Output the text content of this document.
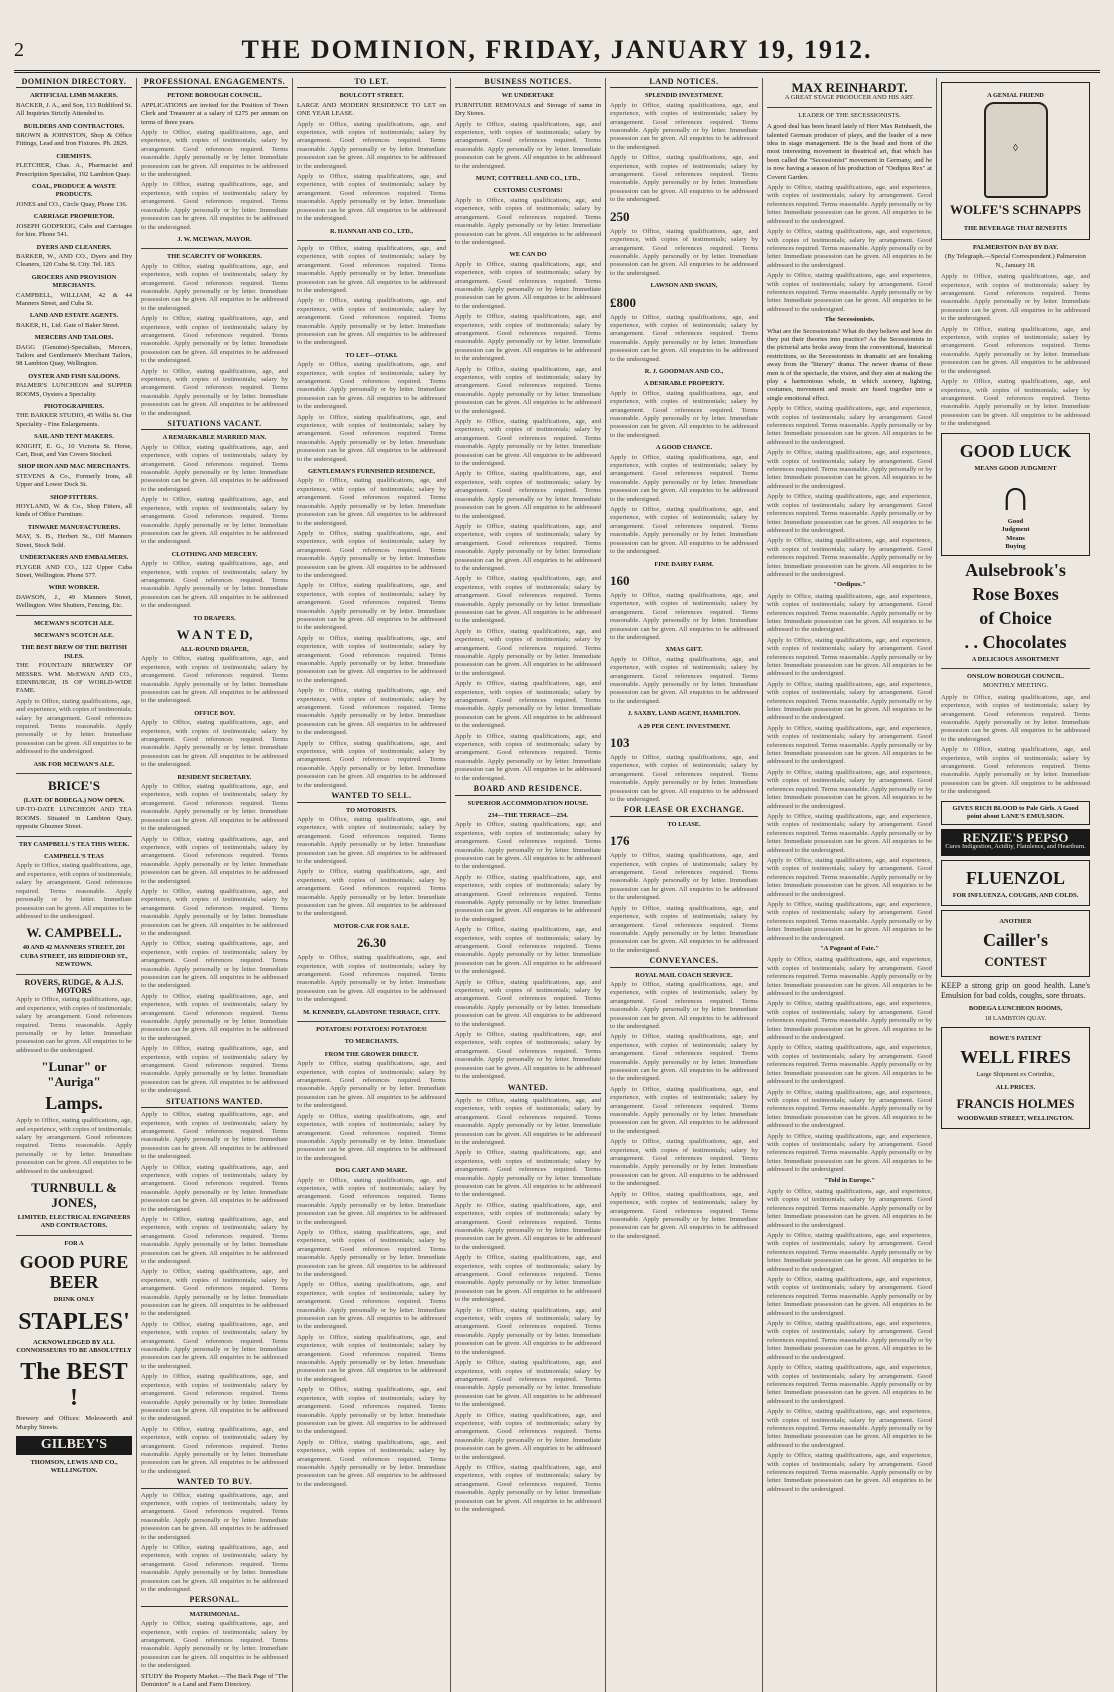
2	THE DOMINION, FRIDAY, JANUARY 19, 1912.
DOMINION DIRECTORY.
ARTIFICIAL LIMB MAKERS.
BACKER, J. A., and Son, 113 Riddiford St. All Inquiries Strictly Attended to.
BUILDERS AND CONTRACTORS.
BROWN & JOHNSTON, Shop & Office Fittings, Lead and Iron Fixtures. Ph. 2829.
CHEMISTS.
FLETCHER, Chas. A., Pharmacist and Prescription Specialist, 192 Lambton Quay.
COAL, PRODUCE & WASTE PRODUCTS.
JONES and CO., Circle Quay, Phone 136.
CARRIAGE PROPRIETOR.
JOSEPH GODFREIG, Cabs and Carriages for hire. Phone 541.
DYERS AND CLEANERS.
BARKER, W., AND CO., Dyers and Dry Cleaners, 120 Cuba St. City. Tel. 183.
GROCERS AND PROVISION MERCHANTS.
CAMPBELL, WILLIAM, 42 & 44 Manners Street, and Cuba St.
LAND AND ESTATE AGENTS.
BAKER, H., Ltd. Gate of Baker Street.
MERCERS AND TAILORS.
DAGG (Genuine)-Specialists, Mercers, Tailors and Gentlemen's Merchant Tailors, 98 Lambton Quay, Wellington.
OYSTER AND FISH SALOONS.
PALMER'S LUNCHEON and SUPPER ROOMS, Oysters a Speciality.
PHOTOGRAPHERS.
THE BARKER STUDIO, 45 Willis St. Our Speciality - Fine Enlargements.
SAIL AND TENT MAKERS.
KNIGHT, E. G., 10 Victoria St. Horse, Cart, Boat, and Van Covers Stocked.
SHOP IRON AND MAC MERCHANTS.
STEVENS & Co., Formerly Irons, all Upper and Lower Dock St.
SHOP FITTERS.
HOYLAND, W. & Co., Shop Fitters, all kinds of Office Furniture.
TINWARE MANUFACTURERS.
MAY, S. B., Herbert St., Off Manners Street, Stock Sold.
UNDERTAKERS AND EMBALMERS.
FLYGER AND CO., 122 Upper Cuba Street, Wellington. Phone 577.
WIRE WORKER.
DAWSON, J., 49 Manners Street, Wellington. Wire Shutters, Fencing, Etc.
MCEWAN'S SCOTCH ALE.
MCEWAN'S SCOTCH ALE.
THE BEST BREW OF THE BRITISH ISLES.
THE FOUNTAIN BREWERY OF MESSRS. WM. McEWAN AND CO., EDINBURGH, IS OF WORLD-WIDE FAME.
Apply to Office, stating qualifications, age, and experience, with copies of testimonials; salary by arrangement. Good references required. Terms reasonable. Apply personally or by letter. Immediate possession can be given. All enquiries to be addressed to the undersigned.
ASK FOR MCEWAN'S ALE.
BRICE'S
(LATE OF BODEGA.) NOW OPEN.
UP-TO-DATE LUNCHEON AND TEA ROOMS. Situated in Lambton Quay, opposite Ghuznee Street.
TRY CAMPBELL'S TEA THIS WEEK.
CAMPBELL'S TEAS
Apply to Office, stating qualifications, age, and experience, with copies of testimonials; salary by arrangement. Good references required. Terms reasonable. Apply personally or by letter. Immediate possession can be given. All enquiries to be addressed to the undersigned.
W. CAMPBELL.
40 AND 42 MANNERS STREET, 201 CUBA STREET, 183 RIDDIFORD ST., NEWTOWN.
ROVERS, RUDGE, & A.J.S. MOTORS
Apply to Office, stating qualifications, age, and experience, with copies of testimonials; salary by arrangement. Good references required. Terms reasonable. Apply personally or by letter. Immediate possession can be given. All enquiries to be addressed to the undersigned.
"Lunar" or "Auriga"
Lamps.
Apply to Office, stating qualifications, age, and experience, with copies of testimonials; salary by arrangement. Good references required. Terms reasonable. Apply personally or by letter. Immediate possession can be given. All enquiries to be addressed to the undersigned.
TURNBULL & JONES,
LIMITED, ELECTRICAL ENGINEERS AND CONTRACTORS.
FOR A
GOOD PURE BEER
DRINK ONLY
STAPLES'
ACKNOWLEDGED BY ALL CONNOISSEURS TO BE ABSOLUTELY
The BEST !
Brewery and Offices: Molesworth and Murphy Streets.
GILBEY'S
THOMSON, LEWIS AND CO., WELLINGTON.
PROFESSIONAL ENGAGEMENTS.
PETONE BOROUGH COUNCIL.
APPLICATIONS are invited for the Position of Town Clerk and Treasurer at a salary of £275 per annum on terms of three years.
Apply to Office, stating qualifications, age, and experience, with copies of testimonials; salary by arrangement. Good references required. Terms reasonable. Apply personally or by letter. Immediate possession can be given. All enquiries to be addressed to the undersigned.
Apply to Office, stating qualifications, age, and experience, with copies of testimonials; salary by arrangement. Good references required. Terms reasonable. Apply personally or by letter. Immediate possession can be given. All enquiries to be addressed to the undersigned.
J. W. MCEWAN, MAYOR.
THE SCARCITY OF WORKERS.
Apply to Office, stating qualifications, age, and experience, with copies of testimonials; salary by arrangement. Good references required. Terms reasonable. Apply personally or by letter. Immediate possession can be given. All enquiries to be addressed to the undersigned.
Apply to Office, stating qualifications, age, and experience, with copies of testimonials; salary by arrangement. Good references required. Terms reasonable. Apply personally or by letter. Immediate possession can be given. All enquiries to be addressed to the undersigned.
Apply to Office, stating qualifications, age, and experience, with copies of testimonials; salary by arrangement. Good references required. Terms reasonable. Apply personally or by letter. Immediate possession can be given. All enquiries to be addressed to the undersigned.
SITUATIONS VACANT.
A REMARKABLE MARRIED MAN.
Apply to Office, stating qualifications, age, and experience, with copies of testimonials; salary by arrangement. Good references required. Terms reasonable. Apply personally or by letter. Immediate possession can be given. All enquiries to be addressed to the undersigned.
Apply to Office, stating qualifications, age, and experience, with copies of testimonials; salary by arrangement. Good references required. Terms reasonable. Apply personally or by letter. Immediate possession can be given. All enquiries to be addressed to the undersigned.
CLOTHING AND MERCERY.
Apply to Office, stating qualifications, age, and experience, with copies of testimonials; salary by arrangement. Good references required. Terms reasonable. Apply personally or by letter. Immediate possession can be given. All enquiries to be addressed to the undersigned.
TO DRAPERS.
W A N T E D,
ALL-ROUND DRAPER,
Apply to Office, stating qualifications, age, and experience, with copies of testimonials; salary by arrangement. Good references required. Terms reasonable. Apply personally or by letter. Immediate possession can be given. All enquiries to be addressed to the undersigned.
OFFICE BOY.
Apply to Office, stating qualifications, age, and experience, with copies of testimonials; salary by arrangement. Good references required. Terms reasonable. Apply personally or by letter. Immediate possession can be given. All enquiries to be addressed to the undersigned.
RESIDENT SECRETARY.
Apply to Office, stating qualifications, age, and experience, with copies of testimonials; salary by arrangement. Good references required. Terms reasonable. Apply personally or by letter. Immediate possession can be given. All enquiries to be addressed to the undersigned.
Apply to Office, stating qualifications, age, and experience, with copies of testimonials; salary by arrangement. Good references required. Terms reasonable. Apply personally or by letter. Immediate possession can be given. All enquiries to be addressed to the undersigned.
Apply to Office, stating qualifications, age, and experience, with copies of testimonials; salary by arrangement. Good references required. Terms reasonable. Apply personally or by letter. Immediate possession can be given. All enquiries to be addressed to the undersigned.
Apply to Office, stating qualifications, age, and experience, with copies of testimonials; salary by arrangement. Good references required. Terms reasonable. Apply personally or by letter. Immediate possession can be given. All enquiries to be addressed to the undersigned.
Apply to Office, stating qualifications, age, and experience, with copies of testimonials; salary by arrangement. Good references required. Terms reasonable. Apply personally or by letter. Immediate possession can be given. All enquiries to be addressed to the undersigned.
Apply to Office, stating qualifications, age, and experience, with copies of testimonials; salary by arrangement. Good references required. Terms reasonable. Apply personally or by letter. Immediate possession can be given. All enquiries to be addressed to the undersigned.
SITUATIONS WANTED.
Apply to Office, stating qualifications, age, and experience, with copies of testimonials; salary by arrangement. Good references required. Terms reasonable. Apply personally or by letter. Immediate possession can be given. All enquiries to be addressed to the undersigned.
Apply to Office, stating qualifications, age, and experience, with copies of testimonials; salary by arrangement. Good references required. Terms reasonable. Apply personally or by letter. Immediate possession can be given. All enquiries to be addressed to the undersigned.
Apply to Office, stating qualifications, age, and experience, with copies of testimonials; salary by arrangement. Good references required. Terms reasonable. Apply personally or by letter. Immediate possession can be given. All enquiries to be addressed to the undersigned.
Apply to Office, stating qualifications, age, and experience, with copies of testimonials; salary by arrangement. Good references required. Terms reasonable. Apply personally or by letter. Immediate possession can be given. All enquiries to be addressed to the undersigned.
Apply to Office, stating qualifications, age, and experience, with copies of testimonials; salary by arrangement. Good references required. Terms reasonable. Apply personally or by letter. Immediate possession can be given. All enquiries to be addressed to the undersigned.
Apply to Office, stating qualifications, age, and experience, with copies of testimonials; salary by arrangement. Good references required. Terms reasonable. Apply personally or by letter. Immediate possession can be given. All enquiries to be addressed to the undersigned.
Apply to Office, stating qualifications, age, and experience, with copies of testimonials; salary by arrangement. Good references required. Terms reasonable. Apply personally or by letter. Immediate possession can be given. All enquiries to be addressed to the undersigned.
WANTED TO BUY.
Apply to Office, stating qualifications, age, and experience, with copies of testimonials; salary by arrangement. Good references required. Terms reasonable. Apply personally or by letter. Immediate possession can be given. All enquiries to be addressed to the undersigned.
Apply to Office, stating qualifications, age, and experience, with copies of testimonials; salary by arrangement. Good references required. Terms reasonable. Apply personally or by letter. Immediate possession can be given. All enquiries to be addressed to the undersigned.
PERSONAL.
MATRIMONIAL.
Apply to Office, stating qualifications, age, and experience, with copies of testimonials; salary by arrangement. Good references required. Terms reasonable. Apply personally or by letter. Immediate possession can be given. All enquiries to be addressed to the undersigned.
STUDY the Property Market.—The Back Page of "The Dominion" is a Land and Farm Directory.
TO LET.
BOULCOTT STREET.
LARGE AND MODERN RESIDENCE TO LET on ONE YEAR LEASE.
Apply to Office, stating qualifications, age, and experience, with copies of testimonials; salary by arrangement. Good references required. Terms reasonable. Apply personally or by letter. Immediate possession can be given. All enquiries to be addressed to the undersigned.
Apply to Office, stating qualifications, age, and experience, with copies of testimonials; salary by arrangement. Good references required. Terms reasonable. Apply personally or by letter. Immediate possession can be given. All enquiries to be addressed to the undersigned.
R. HANNAH AND CO., LTD.,
Apply to Office, stating qualifications, age, and experience, with copies of testimonials; salary by arrangement. Good references required. Terms reasonable. Apply personally or by letter. Immediate possession can be given. All enquiries to be addressed to the undersigned.
Apply to Office, stating qualifications, age, and experience, with copies of testimonials; salary by arrangement. Good references required. Terms reasonable. Apply personally or by letter. Immediate possession can be given. All enquiries to be addressed to the undersigned.
TO LET—OTAKI.
Apply to Office, stating qualifications, age, and experience, with copies of testimonials; salary by arrangement. Good references required. Terms reasonable. Apply personally or by letter. Immediate possession can be given. All enquiries to be addressed to the undersigned.
Apply to Office, stating qualifications, age, and experience, with copies of testimonials; salary by arrangement. Good references required. Terms reasonable. Apply personally or by letter. Immediate possession can be given. All enquiries to be addressed to the undersigned.
GENTLEMAN'S FURNISHED RESIDENCE,
Apply to Office, stating qualifications, age, and experience, with copies of testimonials; salary by arrangement. Good references required. Terms reasonable. Apply personally or by letter. Immediate possession can be given. All enquiries to be addressed to the undersigned.
Apply to Office, stating qualifications, age, and experience, with copies of testimonials; salary by arrangement. Good references required. Terms reasonable. Apply personally or by letter. Immediate possession can be given. All enquiries to be addressed to the undersigned.
Apply to Office, stating qualifications, age, and experience, with copies of testimonials; salary by arrangement. Good references required. Terms reasonable. Apply personally or by letter. Immediate possession can be given. All enquiries to be addressed to the undersigned.
Apply to Office, stating qualifications, age, and experience, with copies of testimonials; salary by arrangement. Good references required. Terms reasonable. Apply personally or by letter. Immediate possession can be given. All enquiries to be addressed to the undersigned.
Apply to Office, stating qualifications, age, and experience, with copies of testimonials; salary by arrangement. Good references required. Terms reasonable. Apply personally or by letter. Immediate possession can be given. All enquiries to be addressed to the undersigned.
Apply to Office, stating qualifications, age, and experience, with copies of testimonials; salary by arrangement. Good references required. Terms reasonable. Apply personally or by letter. Immediate possession can be given. All enquiries to be addressed to the undersigned.
WANTED TO SELL.
TO MOTORISTS.
Apply to Office, stating qualifications, age, and experience, with copies of testimonials; salary by arrangement. Good references required. Terms reasonable. Apply personally or by letter. Immediate possession can be given. All enquiries to be addressed to the undersigned.
Apply to Office, stating qualifications, age, and experience, with copies of testimonials; salary by arrangement. Good references required. Terms reasonable. Apply personally or by letter. Immediate possession can be given. All enquiries to be addressed to the undersigned.
MOTOR-CAR FOR SALE.
26.30
Apply to Office, stating qualifications, age, and experience, with copies of testimonials; salary by arrangement. Good references required. Terms reasonable. Apply personally or by letter. Immediate possession can be given. All enquiries to be addressed to the undersigned.
M. KENNEDY, GLADSTONE TERRACE, CITY.
POTATOES! POTATOES! POTATOES!
TO MERCHANTS.
FROM THE GROWER DIRECT.
Apply to Office, stating qualifications, age, and experience, with copies of testimonials; salary by arrangement. Good references required. Terms reasonable. Apply personally or by letter. Immediate possession can be given. All enquiries to be addressed to the undersigned.
Apply to Office, stating qualifications, age, and experience, with copies of testimonials; salary by arrangement. Good references required. Terms reasonable. Apply personally or by letter. Immediate possession can be given. All enquiries to be addressed to the undersigned.
DOG CART AND MARE.
Apply to Office, stating qualifications, age, and experience, with copies of testimonials; salary by arrangement. Good references required. Terms reasonable. Apply personally or by letter. Immediate possession can be given. All enquiries to be addressed to the undersigned.
Apply to Office, stating qualifications, age, and experience, with copies of testimonials; salary by arrangement. Good references required. Terms reasonable. Apply personally or by letter. Immediate possession can be given. All enquiries to be addressed to the undersigned.
Apply to Office, stating qualifications, age, and experience, with copies of testimonials; salary by arrangement. Good references required. Terms reasonable. Apply personally or by letter. Immediate possession can be given. All enquiries to be addressed to the undersigned.
Apply to Office, stating qualifications, age, and experience, with copies of testimonials; salary by arrangement. Good references required. Terms reasonable. Apply personally or by letter. Immediate possession can be given. All enquiries to be addressed to the undersigned.
Apply to Office, stating qualifications, age, and experience, with copies of testimonials; salary by arrangement. Good references required. Terms reasonable. Apply personally or by letter. Immediate possession can be given. All enquiries to be addressed to the undersigned.
Apply to Office, stating qualifications, age, and experience, with copies of testimonials; salary by arrangement. Good references required. Terms reasonable. Apply personally or by letter. Immediate possession can be given. All enquiries to be addressed to the undersigned.
BUSINESS NOTICES.
WE UNDERTAKE
FURNITURE REMOVALS and Storage of same in Dry Stores.
Apply to Office, stating qualifications, age, and experience, with copies of testimonials; salary by arrangement. Good references required. Terms reasonable. Apply personally or by letter. Immediate possession can be given. All enquiries to be addressed to the undersigned.
MUNT, COTTRELL AND CO., LTD.,
CUSTOMS! CUSTOMS!
Apply to Office, stating qualifications, age, and experience, with copies of testimonials; salary by arrangement. Good references required. Terms reasonable. Apply personally or by letter. Immediate possession can be given. All enquiries to be addressed to the undersigned.
WE CAN DO
Apply to Office, stating qualifications, age, and experience, with copies of testimonials; salary by arrangement. Good references required. Terms reasonable. Apply personally or by letter. Immediate possession can be given. All enquiries to be addressed to the undersigned.
Apply to Office, stating qualifications, age, and experience, with copies of testimonials; salary by arrangement. Good references required. Terms reasonable. Apply personally or by letter. Immediate possession can be given. All enquiries to be addressed to the undersigned.
Apply to Office, stating qualifications, age, and experience, with copies of testimonials; salary by arrangement. Good references required. Terms reasonable. Apply personally or by letter. Immediate possession can be given. All enquiries to be addressed to the undersigned.
Apply to Office, stating qualifications, age, and experience, with copies of testimonials; salary by arrangement. Good references required. Terms reasonable. Apply personally or by letter. Immediate possession can be given. All enquiries to be addressed to the undersigned.
Apply to Office, stating qualifications, age, and experience, with copies of testimonials; salary by arrangement. Good references required. Terms reasonable. Apply personally or by letter. Immediate possession can be given. All enquiries to be addressed to the undersigned.
Apply to Office, stating qualifications, age, and experience, with copies of testimonials; salary by arrangement. Good references required. Terms reasonable. Apply personally or by letter. Immediate possession can be given. All enquiries to be addressed to the undersigned.
Apply to Office, stating qualifications, age, and experience, with copies of testimonials; salary by arrangement. Good references required. Terms reasonable. Apply personally or by letter. Immediate possession can be given. All enquiries to be addressed to the undersigned.
Apply to Office, stating qualifications, age, and experience, with copies of testimonials; salary by arrangement. Good references required. Terms reasonable. Apply personally or by letter. Immediate possession can be given. All enquiries to be addressed to the undersigned.
Apply to Office, stating qualifications, age, and experience, with copies of testimonials; salary by arrangement. Good references required. Terms reasonable. Apply personally or by letter. Immediate possession can be given. All enquiries to be addressed to the undersigned.
Apply to Office, stating qualifications, age, and experience, with copies of testimonials; salary by arrangement. Good references required. Terms reasonable. Apply personally or by letter. Immediate possession can be given. All enquiries to be addressed to the undersigned.
BOARD AND RESIDENCE.
SUPERIOR ACCOMMODATION HOUSE.
234—THE TERRACE—234.
Apply to Office, stating qualifications, age, and experience, with copies of testimonials; salary by arrangement. Good references required. Terms reasonable. Apply personally or by letter. Immediate possession can be given. All enquiries to be addressed to the undersigned.
Apply to Office, stating qualifications, age, and experience, with copies of testimonials; salary by arrangement. Good references required. Terms reasonable. Apply personally or by letter. Immediate possession can be given. All enquiries to be addressed to the undersigned.
Apply to Office, stating qualifications, age, and experience, with copies of testimonials; salary by arrangement. Good references required. Terms reasonable. Apply personally or by letter. Immediate possession can be given. All enquiries to be addressed to the undersigned.
Apply to Office, stating qualifications, age, and experience, with copies of testimonials; salary by arrangement. Good references required. Terms reasonable. Apply personally or by letter. Immediate possession can be given. All enquiries to be addressed to the undersigned.
Apply to Office, stating qualifications, age, and experience, with copies of testimonials; salary by arrangement. Good references required. Terms reasonable. Apply personally or by letter. Immediate possession can be given. All enquiries to be addressed to the undersigned.
WANTED.
Apply to Office, stating qualifications, age, and experience, with copies of testimonials; salary by arrangement. Good references required. Terms reasonable. Apply personally or by letter. Immediate possession can be given. All enquiries to be addressed to the undersigned.
Apply to Office, stating qualifications, age, and experience, with copies of testimonials; salary by arrangement. Good references required. Terms reasonable. Apply personally or by letter. Immediate possession can be given. All enquiries to be addressed to the undersigned.
Apply to Office, stating qualifications, age, and experience, with copies of testimonials; salary by arrangement. Good references required. Terms reasonable. Apply personally or by letter. Immediate possession can be given. All enquiries to be addressed to the undersigned.
Apply to Office, stating qualifications, age, and experience, with copies of testimonials; salary by arrangement. Good references required. Terms reasonable. Apply personally or by letter. Immediate possession can be given. All enquiries to be addressed to the undersigned.
Apply to Office, stating qualifications, age, and experience, with copies of testimonials; salary by arrangement. Good references required. Terms reasonable. Apply personally or by letter. Immediate possession can be given. All enquiries to be addressed to the undersigned.
Apply to Office, stating qualifications, age, and experience, with copies of testimonials; salary by arrangement. Good references required. Terms reasonable. Apply personally or by letter. Immediate possession can be given. All enquiries to be addressed to the undersigned.
Apply to Office, stating qualifications, age, and experience, with copies of testimonials; salary by arrangement. Good references required. Terms reasonable. Apply personally or by letter. Immediate possession can be given. All enquiries to be addressed to the undersigned.
Apply to Office, stating qualifications, age, and experience, with copies of testimonials; salary by arrangement. Good references required. Terms reasonable. Apply personally or by letter. Immediate possession can be given. All enquiries to be addressed to the undersigned.
LAND NOTICES.
SPLENDID INVESTMENT.
Apply to Office, stating qualifications, age, and experience, with copies of testimonials; salary by arrangement. Good references required. Terms reasonable. Apply personally or by letter. Immediate possession can be given. All enquiries to be addressed to the undersigned.
Apply to Office, stating qualifications, age, and experience, with copies of testimonials; salary by arrangement. Good references required. Terms reasonable. Apply personally or by letter. Immediate possession can be given. All enquiries to be addressed to the undersigned.
250
Apply to Office, stating qualifications, age, and experience, with copies of testimonials; salary by arrangement. Good references required. Terms reasonable. Apply personally or by letter. Immediate possession can be given. All enquiries to be addressed to the undersigned.
LAWSON AND SWAIN,
£800
Apply to Office, stating qualifications, age, and experience, with copies of testimonials; salary by arrangement. Good references required. Terms reasonable. Apply personally or by letter. Immediate possession can be given. All enquiries to be addressed to the undersigned.
R. J. GOODMAN AND CO.,
A DESIRABLE PROPERTY.
Apply to Office, stating qualifications, age, and experience, with copies of testimonials; salary by arrangement. Good references required. Terms reasonable. Apply personally or by letter. Immediate possession can be given. All enquiries to be addressed to the undersigned.
A GOOD CHANCE.
Apply to Office, stating qualifications, age, and experience, with copies of testimonials; salary by arrangement. Good references required. Terms reasonable. Apply personally or by letter. Immediate possession can be given. All enquiries to be addressed to the undersigned.
Apply to Office, stating qualifications, age, and experience, with copies of testimonials; salary by arrangement. Good references required. Terms reasonable. Apply personally or by letter. Immediate possession can be given. All enquiries to be addressed to the undersigned.
FINE DAIRY FARM.
160
Apply to Office, stating qualifications, age, and experience, with copies of testimonials; salary by arrangement. Good references required. Terms reasonable. Apply personally or by letter. Immediate possession can be given. All enquiries to be addressed to the undersigned.
XMAS GIFT.
Apply to Office, stating qualifications, age, and experience, with copies of testimonials; salary by arrangement. Good references required. Terms reasonable. Apply personally or by letter. Immediate possession can be given. All enquiries to be addressed to the undersigned.
J. SAXBY, LAND AGENT, HAMILTON.
A 29 PER CENT. INVESTMENT.
103
Apply to Office, stating qualifications, age, and experience, with copies of testimonials; salary by arrangement. Good references required. Terms reasonable. Apply personally or by letter. Immediate possession can be given. All enquiries to be addressed to the undersigned.
FOR LEASE OR EXCHANGE.
TO LEASE.
176
Apply to Office, stating qualifications, age, and experience, with copies of testimonials; salary by arrangement. Good references required. Terms reasonable. Apply personally or by letter. Immediate possession can be given. All enquiries to be addressed to the undersigned.
Apply to Office, stating qualifications, age, and experience, with copies of testimonials; salary by arrangement. Good references required. Terms reasonable. Apply personally or by letter. Immediate possession can be given. All enquiries to be addressed to the undersigned.
CONVEYANCES.
ROYAL MAIL COACH SERVICE.
Apply to Office, stating qualifications, age, and experience, with copies of testimonials; salary by arrangement. Good references required. Terms reasonable. Apply personally or by letter. Immediate possession can be given. All enquiries to be addressed to the undersigned.
Apply to Office, stating qualifications, age, and experience, with copies of testimonials; salary by arrangement. Good references required. Terms reasonable. Apply personally or by letter. Immediate possession can be given. All enquiries to be addressed to the undersigned.
Apply to Office, stating qualifications, age, and experience, with copies of testimonials; salary by arrangement. Good references required. Terms reasonable. Apply personally or by letter. Immediate possession can be given. All enquiries to be addressed to the undersigned.
Apply to Office, stating qualifications, age, and experience, with copies of testimonials; salary by arrangement. Good references required. Terms reasonable. Apply personally or by letter. Immediate possession can be given. All enquiries to be addressed to the undersigned.
Apply to Office, stating qualifications, age, and experience, with copies of testimonials; salary by arrangement. Good references required. Terms reasonable. Apply personally or by letter. Immediate possession can be given. All enquiries to be addressed to the undersigned.
MAX REINHARDT.
A GREAT STAGE PRODUCER AND HIS ART.
LEADER OF THE SECESSIONISTS.
A good deal has been heard lately of Herr Max Reinhardt, the talented German producer of plays, and the leader of a new idea in stage management. He is the head and front of the most interesting movement in theatrical art, that which has been called the "Secessionist" movement in Germany, and he is now having a season of his production of "Oedipus Rex" at Covent Garden.
Apply to Office, stating qualifications, age, and experience, with copies of testimonials; salary by arrangement. Good references required. Terms reasonable. Apply personally or by letter. Immediate possession can be given. All enquiries to be addressed to the undersigned.
Apply to Office, stating qualifications, age, and experience, with copies of testimonials; salary by arrangement. Good references required. Terms reasonable. Apply personally or by letter. Immediate possession can be given. All enquiries to be addressed to the undersigned.
Apply to Office, stating qualifications, age, and experience, with copies of testimonials; salary by arrangement. Good references required. Terms reasonable. Apply personally or by letter. Immediate possession can be given. All enquiries to be addressed to the undersigned.
The Secessionists.
What are the Secessionists? What do they believe and how do they put their theories into practice? As the Secessionists in the pictorial arts broke away from the conventional, historical restrictions, so the Secessionists in dramatic art are breaking away from the "literary" drama. The newer drama of these men is of the spectacle, the vision, and they aim at making the play a harmonious whole, in which scenery, lighting, costumes, movement and music are fused together into a single emotional effect.
Apply to Office, stating qualifications, age, and experience, with copies of testimonials; salary by arrangement. Good references required. Terms reasonable. Apply personally or by letter. Immediate possession can be given. All enquiries to be addressed to the undersigned.
Apply to Office, stating qualifications, age, and experience, with copies of testimonials; salary by arrangement. Good references required. Terms reasonable. Apply personally or by letter. Immediate possession can be given. All enquiries to be addressed to the undersigned.
Apply to Office, stating qualifications, age, and experience, with copies of testimonials; salary by arrangement. Good references required. Terms reasonable. Apply personally or by letter. Immediate possession can be given. All enquiries to be addressed to the undersigned.
Apply to Office, stating qualifications, age, and experience, with copies of testimonials; salary by arrangement. Good references required. Terms reasonable. Apply personally or by letter. Immediate possession can be given. All enquiries to be addressed to the undersigned.
"Oedipus."
Apply to Office, stating qualifications, age, and experience, with copies of testimonials; salary by arrangement. Good references required. Terms reasonable. Apply personally or by letter. Immediate possession can be given. All enquiries to be addressed to the undersigned.
Apply to Office, stating qualifications, age, and experience, with copies of testimonials; salary by arrangement. Good references required. Terms reasonable. Apply personally or by letter. Immediate possession can be given. All enquiries to be addressed to the undersigned.
Apply to Office, stating qualifications, age, and experience, with copies of testimonials; salary by arrangement. Good references required. Terms reasonable. Apply personally or by letter. Immediate possession can be given. All enquiries to be addressed to the undersigned.
Apply to Office, stating qualifications, age, and experience, with copies of testimonials; salary by arrangement. Good references required. Terms reasonable. Apply personally or by letter. Immediate possession can be given. All enquiries to be addressed to the undersigned.
Apply to Office, stating qualifications, age, and experience, with copies of testimonials; salary by arrangement. Good references required. Terms reasonable. Apply personally or by letter. Immediate possession can be given. All enquiries to be addressed to the undersigned.
Apply to Office, stating qualifications, age, and experience, with copies of testimonials; salary by arrangement. Good references required. Terms reasonable. Apply personally or by letter. Immediate possession can be given. All enquiries to be addressed to the undersigned.
Apply to Office, stating qualifications, age, and experience, with copies of testimonials; salary by arrangement. Good references required. Terms reasonable. Apply personally or by letter. Immediate possession can be given. All enquiries to be addressed to the undersigned.
Apply to Office, stating qualifications, age, and experience, with copies of testimonials; salary by arrangement. Good references required. Terms reasonable. Apply personally or by letter. Immediate possession can be given. All enquiries to be addressed to the undersigned.
"A Pageant of Fate."
Apply to Office, stating qualifications, age, and experience, with copies of testimonials; salary by arrangement. Good references required. Terms reasonable. Apply personally or by letter. Immediate possession can be given. All enquiries to be addressed to the undersigned.
Apply to Office, stating qualifications, age, and experience, with copies of testimonials; salary by arrangement. Good references required. Terms reasonable. Apply personally or by letter. Immediate possession can be given. All enquiries to be addressed to the undersigned.
Apply to Office, stating qualifications, age, and experience, with copies of testimonials; salary by arrangement. Good references required. Terms reasonable. Apply personally or by letter. Immediate possession can be given. All enquiries to be addressed to the undersigned.
Apply to Office, stating qualifications, age, and experience, with copies of testimonials; salary by arrangement. Good references required. Terms reasonable. Apply personally or by letter. Immediate possession can be given. All enquiries to be addressed to the undersigned.
Apply to Office, stating qualifications, age, and experience, with copies of testimonials; salary by arrangement. Good references required. Terms reasonable. Apply personally or by letter. Immediate possession can be given. All enquiries to be addressed to the undersigned.
"Told in Europe."
Apply to Office, stating qualifications, age, and experience, with copies of testimonials; salary by arrangement. Good references required. Terms reasonable. Apply personally or by letter. Immediate possession can be given. All enquiries to be addressed to the undersigned.
Apply to Office, stating qualifications, age, and experience, with copies of testimonials; salary by arrangement. Good references required. Terms reasonable. Apply personally or by letter. Immediate possession can be given. All enquiries to be addressed to the undersigned.
Apply to Office, stating qualifications, age, and experience, with copies of testimonials; salary by arrangement. Good references required. Terms reasonable. Apply personally or by letter. Immediate possession can be given. All enquiries to be addressed to the undersigned.
Apply to Office, stating qualifications, age, and experience, with copies of testimonials; salary by arrangement. Good references required. Terms reasonable. Apply personally or by letter. Immediate possession can be given. All enquiries to be addressed to the undersigned.
Apply to Office, stating qualifications, age, and experience, with copies of testimonials; salary by arrangement. Good references required. Terms reasonable. Apply personally or by letter. Immediate possession can be given. All enquiries to be addressed to the undersigned.
Apply to Office, stating qualifications, age, and experience, with copies of testimonials; salary by arrangement. Good references required. Terms reasonable. Apply personally or by letter. Immediate possession can be given. All enquiries to be addressed to the undersigned.
Apply to Office, stating qualifications, age, and experience, with copies of testimonials; salary by arrangement. Good references required. Terms reasonable. Apply personally or by letter. Immediate possession can be given. All enquiries to be addressed to the undersigned.
A GENIAL FRIEND
◊
WOLFE'S SCHNAPPS
THE BEVERAGE THAT BENEFITS
PALMERSTON DAY BY DAY.
(By Telegraph.—Special Correspondent.) Palmerston N., January 18.
Apply to Office, stating qualifications, age, and experience, with copies of testimonials; salary by arrangement. Good references required. Terms reasonable. Apply personally or by letter. Immediate possession can be given. All enquiries to be addressed to the undersigned.
Apply to Office, stating qualifications, age, and experience, with copies of testimonials; salary by arrangement. Good references required. Terms reasonable. Apply personally or by letter. Immediate possession can be given. All enquiries to be addressed to the undersigned.
Apply to Office, stating qualifications, age, and experience, with copies of testimonials; salary by arrangement. Good references required. Terms reasonable. Apply personally or by letter. Immediate possession can be given. All enquiries to be addressed to the undersigned.
GOOD LUCK
MEANS GOOD JUDGMENT
∩
Good
Judgment
Means
Buying
Aulsebrook's
Rose Boxes
of Choice
. . Chocolates
A DELICIOUS ASSORTMENT
ONSLOW BOROUGH COUNCIL.
MONTHLY MEETING.
Apply to Office, stating qualifications, age, and experience, with copies of testimonials; salary by arrangement. Good references required. Terms reasonable. Apply personally or by letter. Immediate possession can be given. All enquiries to be addressed to the undersigned.
Apply to Office, stating qualifications, age, and experience, with copies of testimonials; salary by arrangement. Good references required. Terms reasonable. Apply personally or by letter. Immediate possession can be given. All enquiries to be addressed to the undersigned.
GIVES RICH BLOOD to Pale Girls. A Good point about LANE'S EMULSION.
RENZIE'S PEPSO
Cures Indigestion, Acidity, Flatulence, and Heartburn.
FLUENZOL
FOR INFLUENZA, COUGHS, AND COLDS.
ANOTHER
Cailler's
CONTEST
KEEP a strong grip on good health. Lane's Emulsion for bad colds, coughs, sore throats.
BODEGA LUNCHEON ROOMS,
18 LAMBTON QUAY.
BOWE'S PATENT
WELL FIRES
Large Shipment ex Corinthic,
ALL PRICES.
FRANCIS HOLMES
WOODWARD STREET, WELLINGTON.
